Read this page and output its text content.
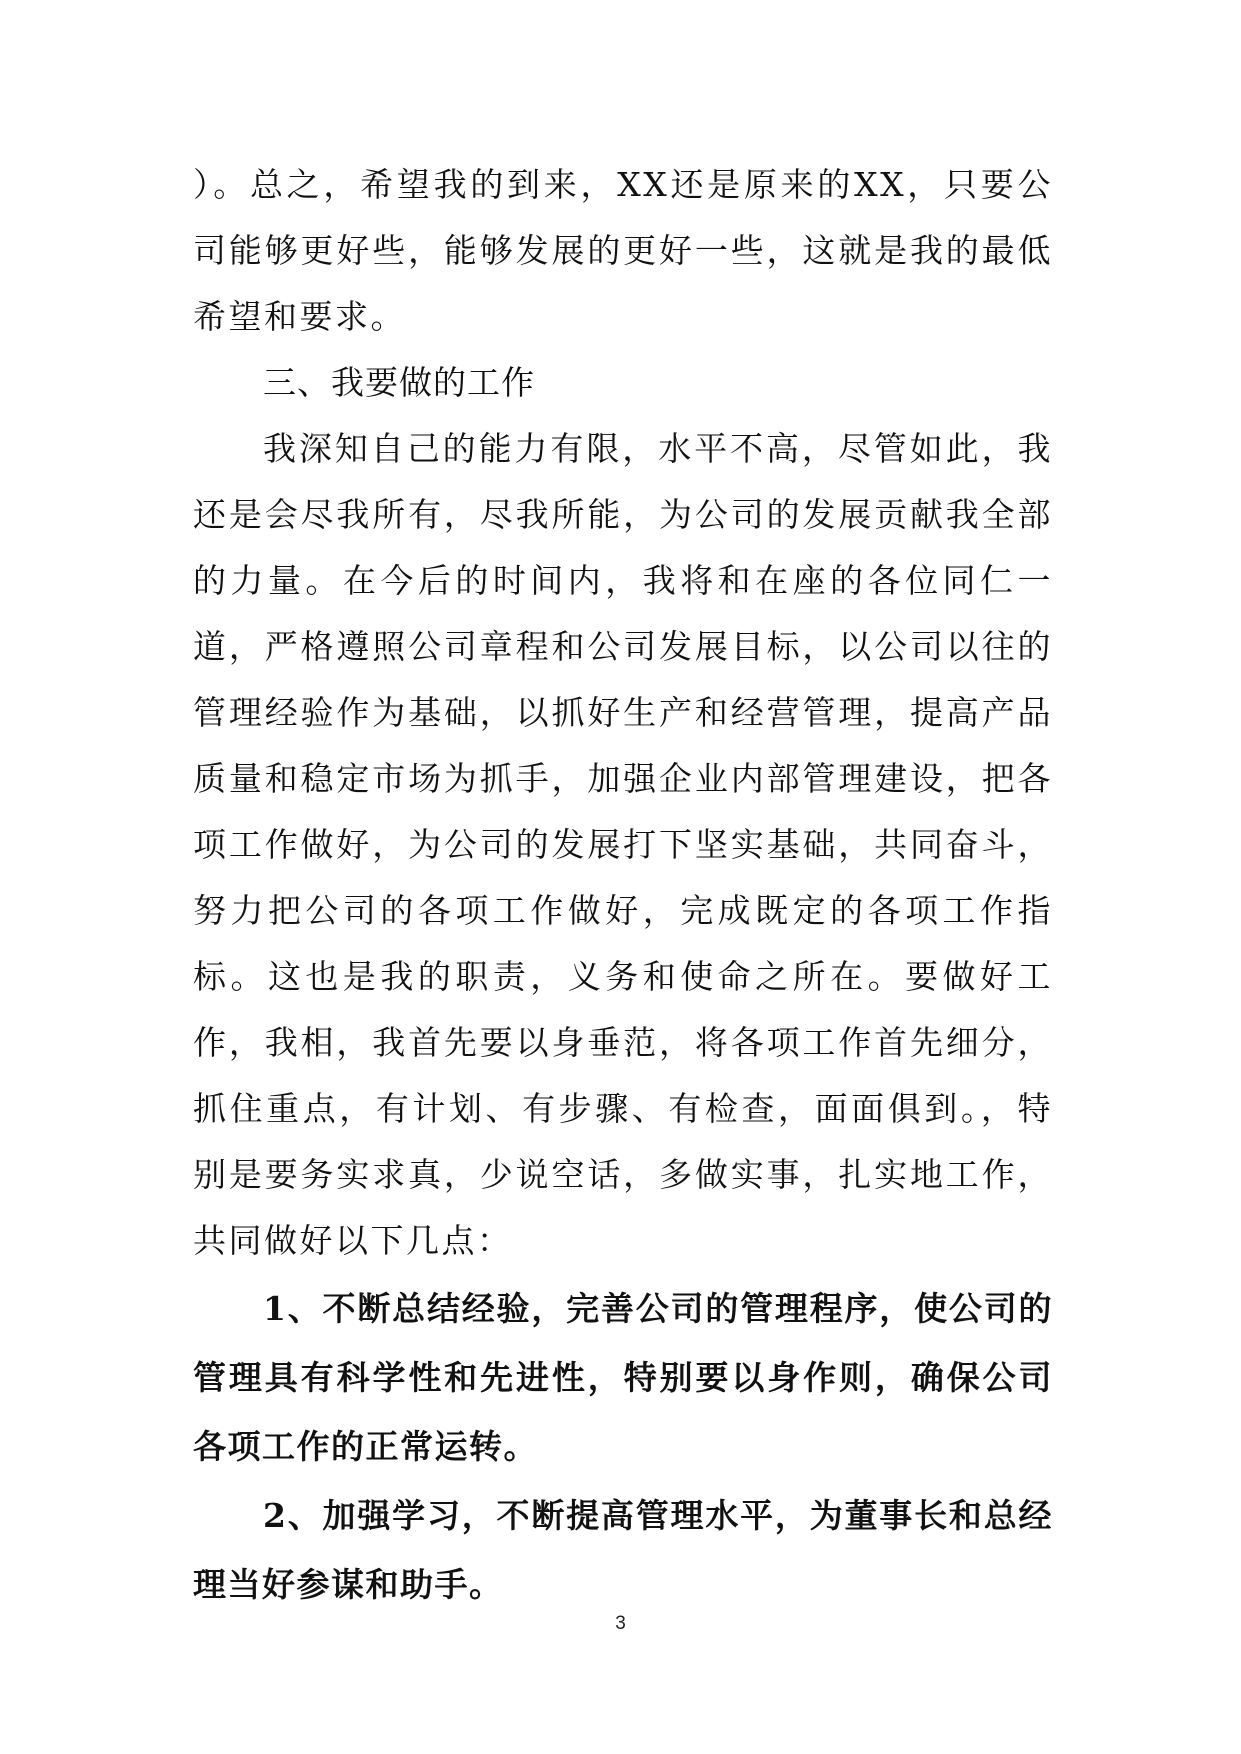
）。总之，希望我的到来，XX还是原来的XX，只要公司能够更好些，能够发展的更好一些，这就是我的最低希望和要求。

三、我要做的工作

我深知自己的能力有限，水平不高，尽管如此，我还是会尽我所有，尽我所能，为公司的发展贡献我全部的力量。在今后的时间内，我将和在座的各位同仁一道，严格遵照公司章程和公司发展目标，以公司以往的管理经验作为基础，以抓好生产和经营管理，提高产品质量和稳定市场为抓手，加强企业内部管理建设，把各项工作做好，为公司的发展打下坚实基础，共同奋斗，努力把公司的各项工作做好，完成既定的各项工作指标。这也是我的职责，义务和使命之所在。要做好工作，我相，我首先要以身垂范，将各项工作首先细分，抓住重点，有计划、有步骤、有检查，面面俱到。，特别是要务实求真，少说空话，多做实事，扎实地工作，共同做好以下几点：

1、不断总结经验，完善公司的管理程序，使公司的管理具有科学性和先进性，特别要以身作则，确保公司各项工作的正常运转。

2、加强学习，不断提高管理水平，为董事长和总经理当好参谋和助手。

3
